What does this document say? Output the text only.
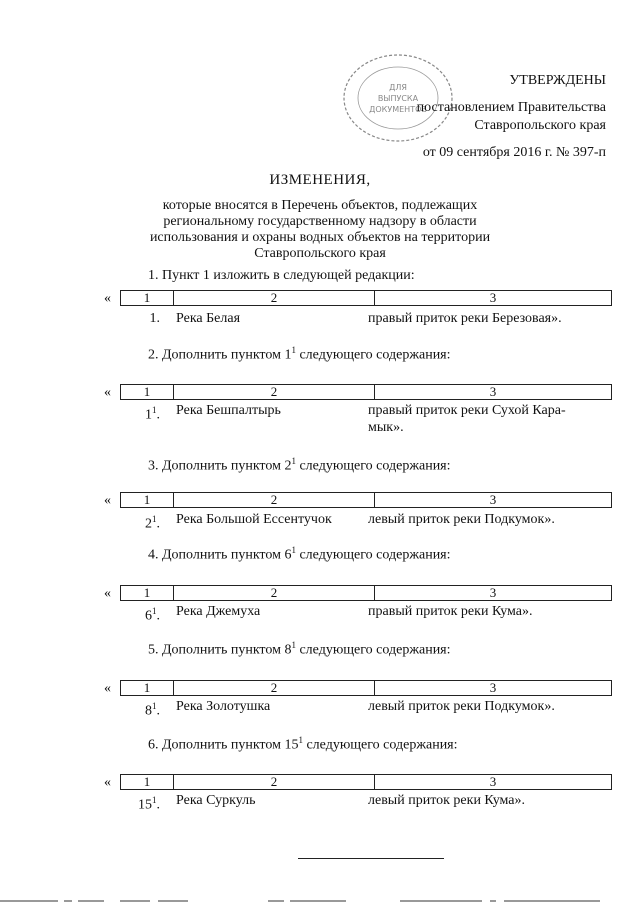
ДЛЯ
ВЫПУСКА
ДОКУМЕНТОВ
УТВЕРЖДЕНЫ
постановлением Правительства
Ставропольского края
от 09 сентября 2016 г. № 397-п
ИЗМЕНЕНИЯ,
которые вносятся в Перечень объектов, подлежащих региональному государственному надзору в области использования и охраны водных объектов на территории Ставропольского края
1. Пункт 1 изложить в следующей редакции:
«	1	2	3
1. Река Белая	правый приток реки Березовая».
2. Дополнить пунктом $1^1$ следующего содержания:
«	1	2	3
$1^1$. Река Бешпалтырь	правый приток реки Сухой Кара-мык».
3. Дополнить пунктом $2^1$ следующего содержания:
«	1	2	3
$2^1$. Река Большой Ессентучок	левый приток реки Подкумок».
4. Дополнить пунктом $6^1$ следующего содержания:
«	1	2	3
$6^1$. Река Джемуха	правый приток реки Кума».
5. Дополнить пунктом $8^1$ следующего содержания:
«	1	2	3
$8^1$. Река Золотушка	левый приток реки Подкумок».
6. Дополнить пунктом $15^1$ следующего содержания:
«	1	2	3
$15^1$. Река Суркуль	левый приток реки Кума».
